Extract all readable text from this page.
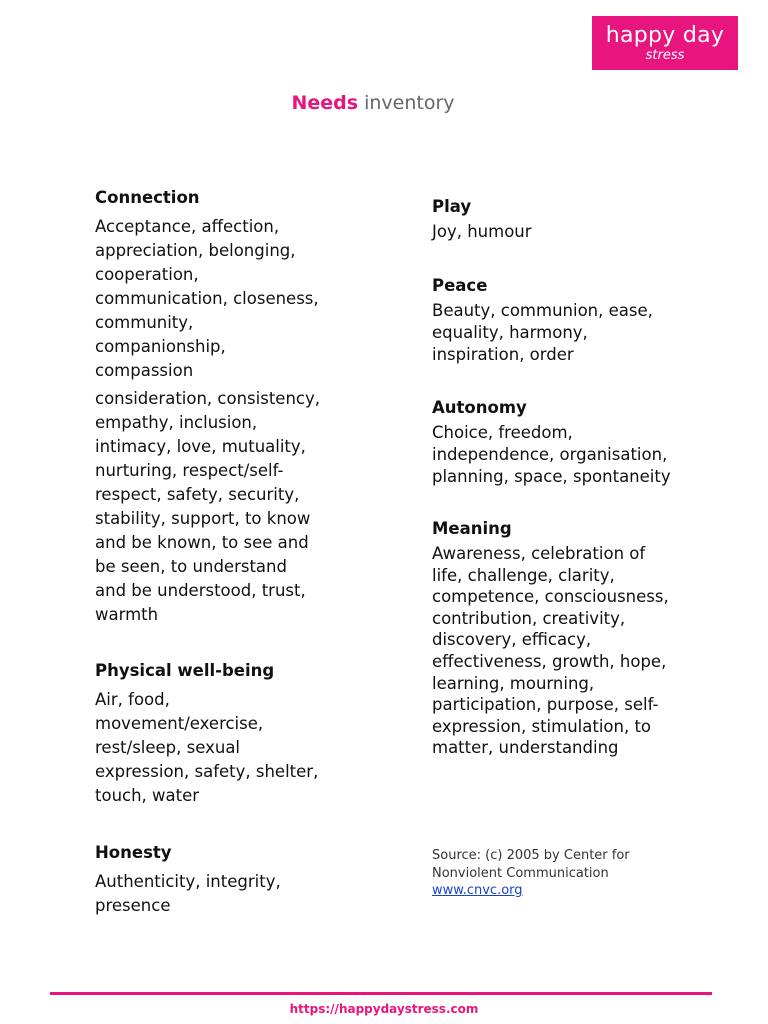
happy day
stress
Needs inventory
Connection

Acceptance, affection, appreciation, belonging, cooperation, communication, closeness, community, companionship, compassion

consideration, consistency, empathy, inclusion, intimacy, love, mutuality, nurturing, respect/self-respect, safety, security, stability, support, to know and be known, to see and be seen, to understand and be understood, trust, warmth

Physical well-being

Air, food, movement/exercise, rest/sleep, sexual expression, safety, shelter, touch, water

Honesty

Authenticity, integrity, presence

Play

Joy, humour

Peace

Beauty, communion, ease, equality, harmony, inspiration, order

Autonomy

Choice, freedom, independence, organisation, planning, space, spontaneity

Meaning

Awareness, celebration of life, challenge, clarity, competence, consciousness, contribution, creativity, discovery, efficacy, effectiveness, growth, hope, learning, mourning, participation, purpose, self-expression, stimulation, to matter, understanding

Source: (c) 2005 by Center for Nonviolent Communication
www.cnvc.org
https://happydaystress.com
